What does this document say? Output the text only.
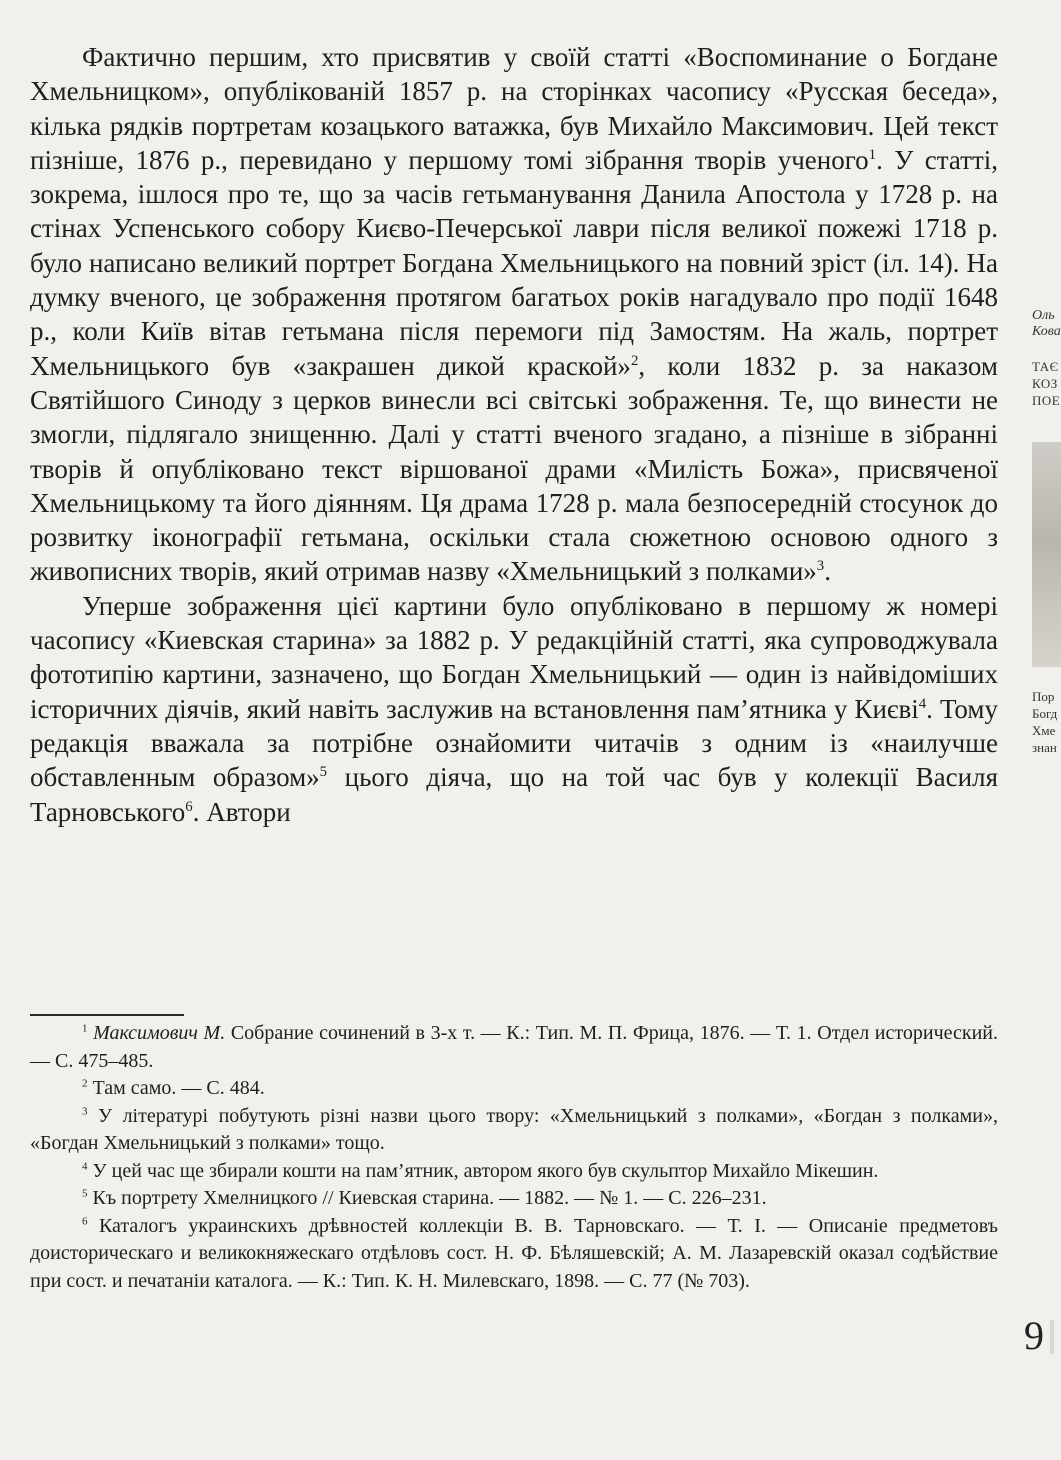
Фактично першим, хто присвятив у своїй статті «Воспоминание о Богдане Хмельницком», опублікованій 1857 р. на сторінках часопису «Русская беседа», кілька рядків портретам козацького ватажка, був Михайло Максимович. Цей текст пізніше, 1876 р., перевидано у першому томі зібрання творів ученого$^1$. У статті, зокрема, ішлося про те, що за часів гетьманування Данила Апостола у 1728 р. на стінах Успенського собору Києво-Печерської лаври після великої пожежі 1718 р. було написано великий портрет Богдана Хмельницького на повний зріст (іл. 14). На думку вченого, це зображення протягом багатьох років нагадувало про події 1648 р., коли Київ вітав гетьмана після перемоги під Замостям. На жаль, портрет Хмельницького був «закрашен дикой краской»$^2$, коли 1832 р. за наказом Святійшого Синоду з церков винесли всі світські зображення. Те, що винести не змогли, підлягало знищенню. Далі у статті вченого згадано, а пізніше в зібранні творів й опубліковано текст віршованої драми «Милість Божа», присвяченої Хмельницькому та його діянням. Ця драма 1728 р. мала безпосередній стосунок до розвитку іконографії гетьмана, оскільки стала сюжетною основою одного з живописних творів, який отримав назву «Хмельницький з полками»$^3$.

Уперше зображення цієї картини було опубліковано в першому ж номері часопису «Киевская старина» за 1882 р. У редакційній статті, яка супроводжувала фототипію картини, зазначено, що Богдан Хмельницький — один із найвідоміших історичних діячів, який навіть заслужив на встановлення пам’ятника у Києві$^4$. Тому редакція вважала за потрібне ознайомити читачів з одним із «наилучше обставленным образом»$^5$ цього діяча, що на той час був у колекції Василя Тарновського$^6$. Автори

$^1$ Максимович М. Собрание сочинений в 3-х т. — К.: Тип. М. П. Фрица, 1876. — Т. 1. Отдел исторический. — С. 475–485.

$^2$ Там само. — С. 484.

$^3$ У літературі побутують різні назви цього твору: «Хмельницький з полками», «Богдан з полками», «Богдан Хмельницький з полками» тощо.

$^4$ У цей час ще збирали кошти на пам’ятник, автором якого був скульптор Михайло Мікешин.

$^5$ Къ портрету Хмелницкого // Киевская старина. — 1882. — № 1. — С. 226–231.

$^6$ Каталогъ украинскихъ дрѣвностей коллекціи В. В. Тарновскаго. — Т. І. — Описаніе предметовъ доисторическаго и великокняжескаго отдѣловъ сост. Н. Ф. Бѣляшевскій; А. М. Лазаревскій оказал содѣйствие при сост. и печатаніи каталога. — К.: Тип. К. Н. Милевскаго, 1898. — С. 77 (№ 703).

Оль
Кова
ТАЄ
КОЗ
ПОЕ
Пор
Богд
Хме
знан
9
